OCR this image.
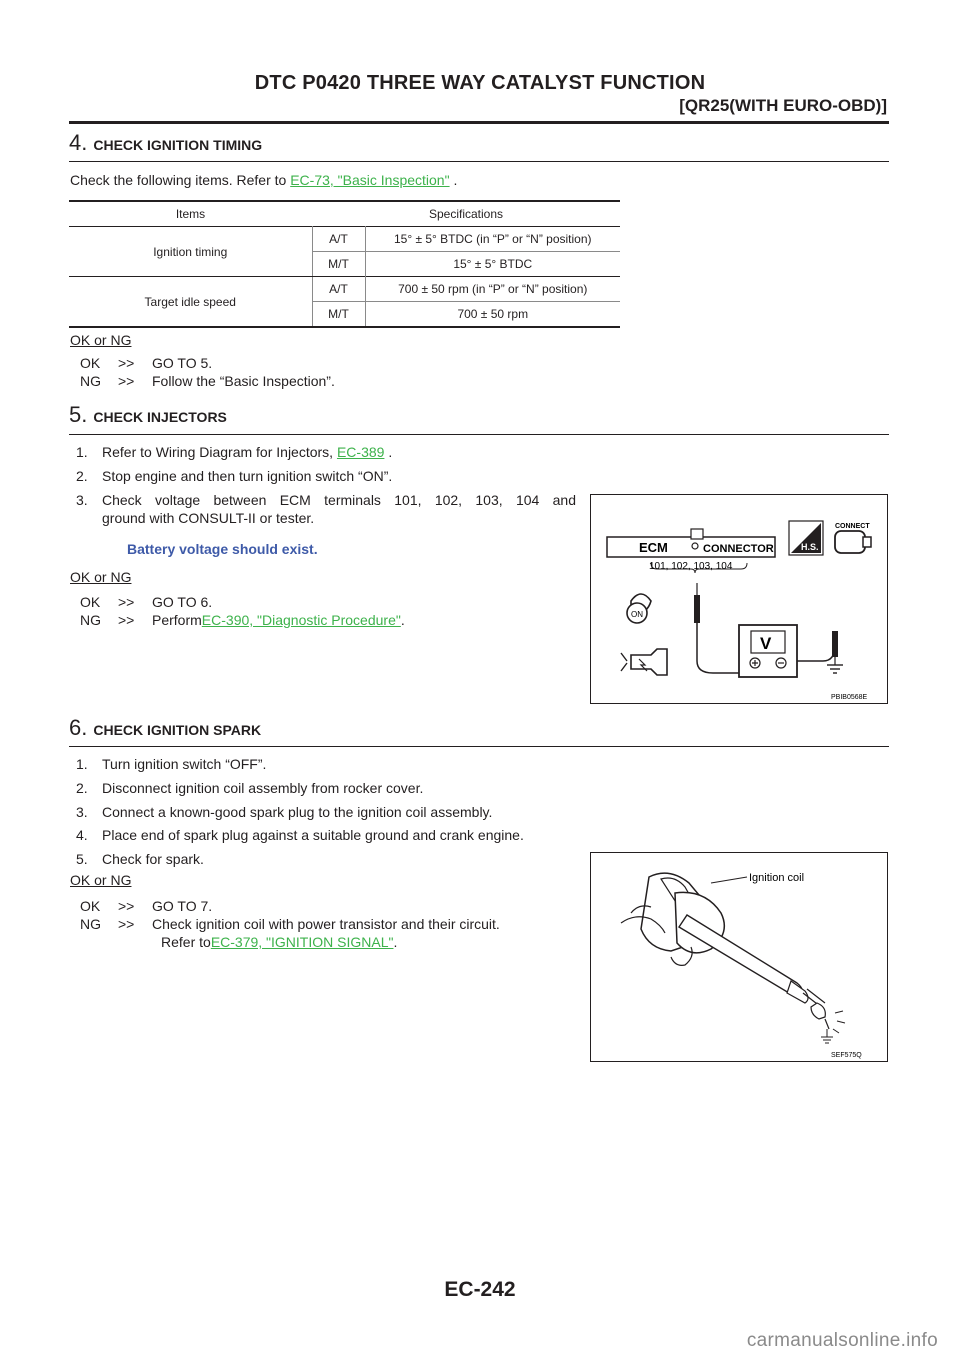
DTC P0420 THREE WAY CATALYST FUNCTION
[QR25(WITH EURO-OBD)]
4. CHECK IGNITION TIMING
Check the following items. Refer to EC-73, "Basic Inspection" .
Items	Specifications	
Ignition timing	A/T	15° ± 5° BTDC (in “P” or “N” position)
	M/T	15° ± 5° BTDC
Target idle speed	A/T	700 ± 50 rpm (in “P” or “N” position)
	M/T	700 ± 50 rpm
OK or NG
OK	>>	GO TO 5.
NG	>>	Follow the “Basic Inspection”.
5. CHECK INJECTORS
1. Refer to Wiring Diagram for Injectors, EC-389 .
2. Stop engine and then turn ignition switch “ON”.
3.	Check voltage between ECM terminals 101, 102, 103, 104 and
ground with CONSULT-II or tester.
Battery voltage should exist.
OK or NG
OK	>>	GO TO 6.
NG	>>	Perform EC-390, "Diagnostic Procedure" .
ECM	CONNECTOR
101, 102, 103, 104
H.S.
CONNECT
ON
V
PBIB0568E
6. CHECK IGNITION SPARK
1. Turn ignition switch “OFF”.
2. Disconnect ignition coil assembly from rocker cover.
3. Connect a known-good spark plug to the ignition coil assembly.
4. Place end of spark plug against a suitable ground and crank engine.
5. Check for spark.
OK or NG
OK	>>	GO TO 7.
NG	>>	Check ignition coil with power transistor and their circuit.
Refer to EC-379, "IGNITION SIGNAL" .
Ignition coil
SEF575Q
EC-242
carmanualsonline.info
